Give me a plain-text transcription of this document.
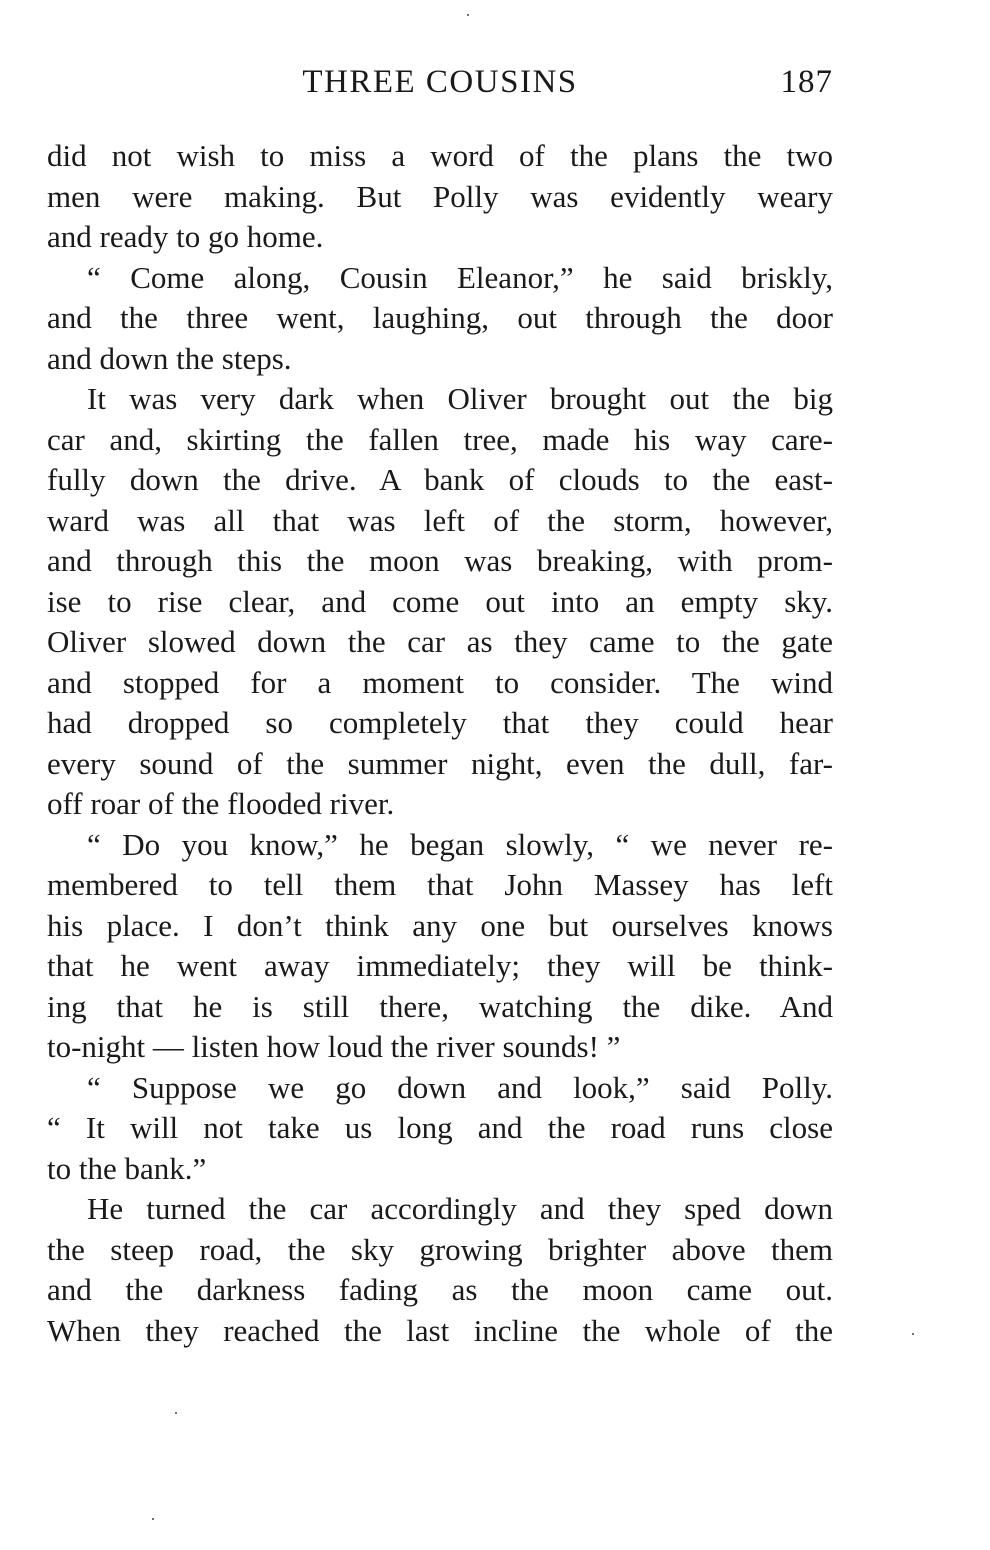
THREE COUSINS	187
did not wish to miss a word of the plans the two
men were making. But Polly was evidently weary
and ready to go home.
“ Come along, Cousin Eleanor,” he said briskly,
and the three went, laughing, out through the door
and down the steps.
It was very dark when Oliver brought out the big
car and, skirting the fallen tree, made his way care-
fully down the drive. A bank of clouds to the east-
ward was all that was left of the storm, however,
and through this the moon was breaking, with prom-
ise to rise clear, and come out into an empty sky.
Oliver slowed down the car as they came to the gate
and stopped for a moment to consider. The wind
had dropped so completely that they could hear
every sound of the summer night, even the dull, far-
off roar of the flooded river.
“ Do you know,” he began slowly, “ we never re-
membered to tell them that John Massey has left
his place. I don’t think any one but ourselves knows
that he went away immediately; they will be think-
ing that he is still there, watching the dike. And
to-night — listen how loud the river sounds! ”
“ Suppose we go down and look,” said Polly.
“ It will not take us long and the road runs close
to the bank.”
He turned the car accordingly and they sped down
the steep road, the sky growing brighter above them
and the darkness fading as the moon came out.
When they reached the last incline the whole of the
